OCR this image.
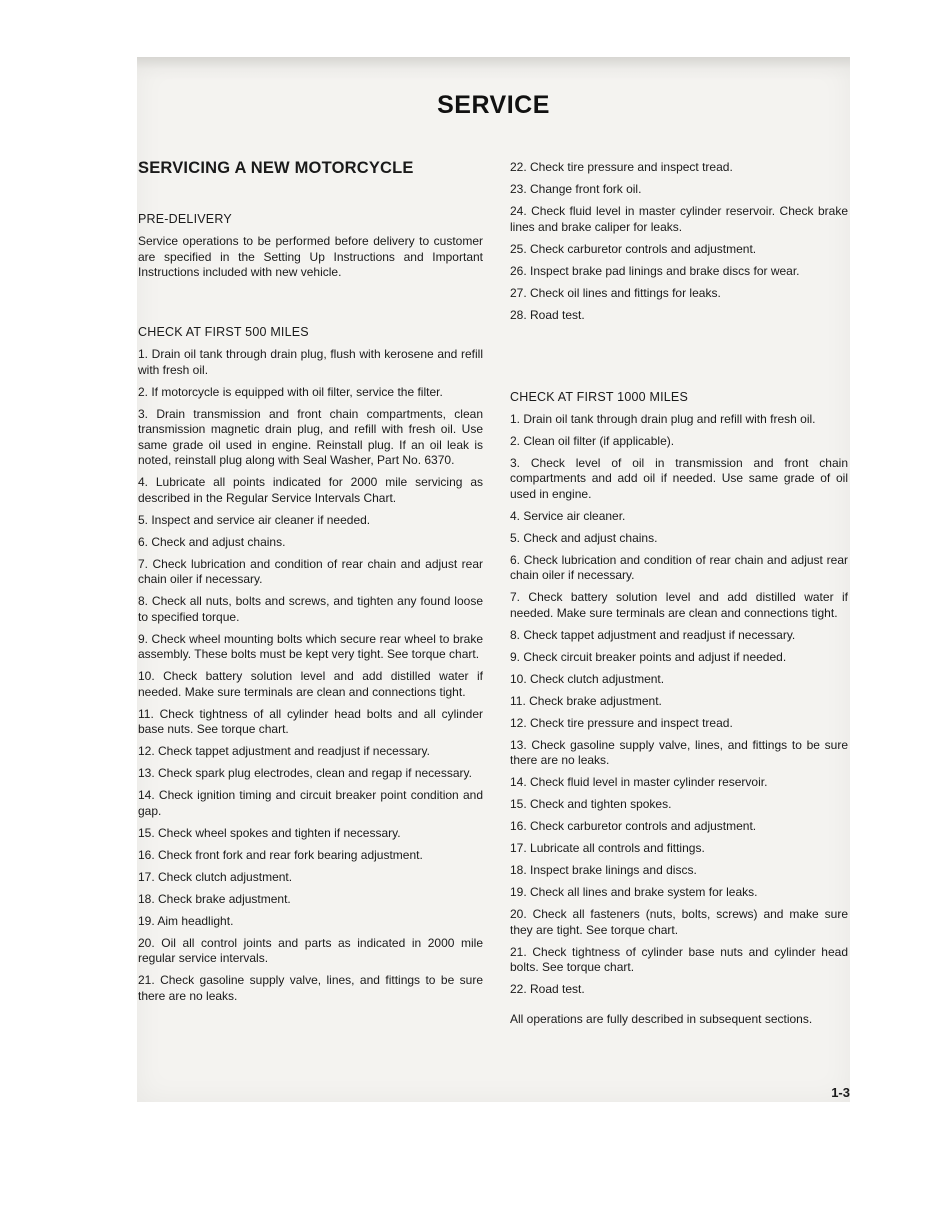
SERVICE
SERVICING A NEW MOTORCYCLE
PRE-DELIVERY
Service operations to be performed before delivery to customer are specified in the Setting Up Instructions and Important Instructions included with new vehicle.
CHECK AT FIRST 500 MILES
1. Drain oil tank through drain plug, flush with kerosene and refill with fresh oil.
2. If motorcycle is equipped with oil filter, service the filter.
3. Drain transmission and front chain compartments, clean transmission magnetic drain plug, and refill with fresh oil. Use same grade oil used in engine. Reinstall plug. If an oil leak is noted, reinstall plug along with Seal Washer, Part No. 6370.
4. Lubricate all points indicated for 2000 mile servicing as described in the Regular Service Intervals Chart.
5. Inspect and service air cleaner if needed.
6. Check and adjust chains.
7. Check lubrication and condition of rear chain and adjust rear chain oiler if necessary.
8. Check all nuts, bolts and screws, and tighten any found loose to specified torque.
9. Check wheel mounting bolts which secure rear wheel to brake assembly. These bolts must be kept very tight. See torque chart.
10. Check battery solution level and add distilled water if needed. Make sure terminals are clean and connections tight.
11. Check tightness of all cylinder head bolts and all cylinder base nuts. See torque chart.
12. Check tappet adjustment and readjust if necessary.
13. Check spark plug electrodes, clean and regap if necessary.
14. Check ignition timing and circuit breaker point condition and gap.
15. Check wheel spokes and tighten if necessary.
16. Check front fork and rear fork bearing adjustment.
17. Check clutch adjustment.
18. Check brake adjustment.
19. Aim headlight.
20. Oil all control joints and parts as indicated in 2000 mile regular service intervals.
21. Check gasoline supply valve, lines, and fittings to be sure there are no leaks.
22. Check tire pressure and inspect tread.
23. Change front fork oil.
24. Check fluid level in master cylinder reservoir. Check brake lines and brake caliper for leaks.
25. Check carburetor controls and adjustment.
26. Inspect brake pad linings and brake discs for wear.
27. Check oil lines and fittings for leaks.
28. Road test.
CHECK AT FIRST 1000 MILES
1. Drain oil tank through drain plug and refill with fresh oil.
2. Clean oil filter (if applicable).
3. Check level of oil in transmission and front chain compartments and add oil if needed. Use same grade of oil used in engine.
4. Service air cleaner.
5. Check and adjust chains.
6. Check lubrication and condition of rear chain and adjust rear chain oiler if necessary.
7. Check battery solution level and add distilled water if needed. Make sure terminals are clean and connections tight.
8. Check tappet adjustment and readjust if necessary.
9. Check circuit breaker points and adjust if needed.
10. Check clutch adjustment.
11. Check brake adjustment.
12. Check tire pressure and inspect tread.
13. Check gasoline supply valve, lines, and fittings to be sure there are no leaks.
14. Check fluid level in master cylinder reservoir.
15. Check and tighten spokes.
16. Check carburetor controls and adjustment.
17. Lubricate all controls and fittings.
18. Inspect brake linings and discs.
19. Check all lines and brake system for leaks.
20. Check all fasteners (nuts, bolts, screws) and make sure they are tight. See torque chart.
21. Check tightness of cylinder base nuts and cylinder head bolts. See torque chart.
22. Road test.
All operations are fully described in subsequent sections.
1-3
